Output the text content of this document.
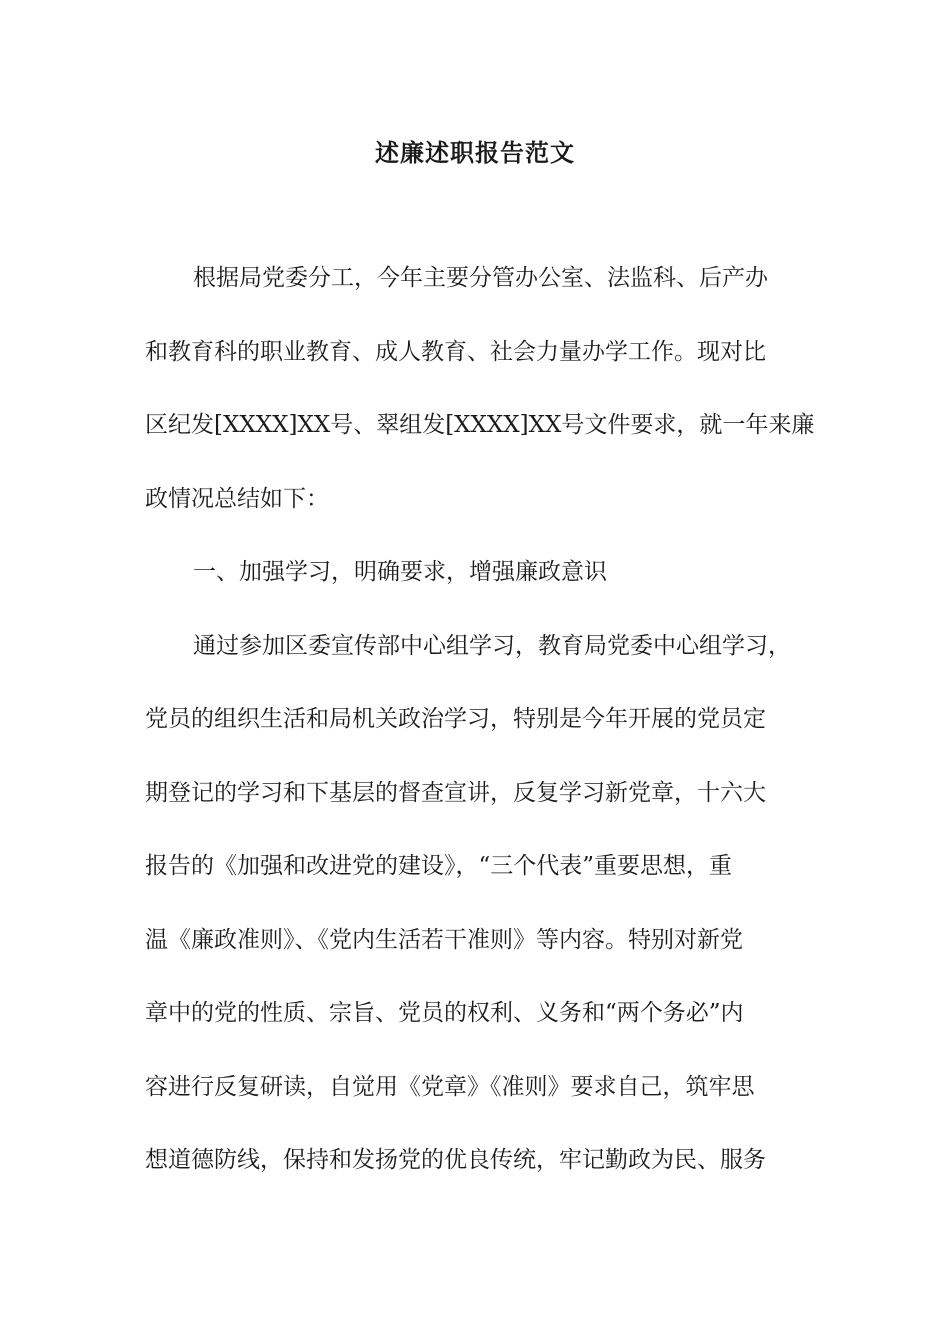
述廉述职报告范文
根据局党委分工，今年主要分管办公室、法监科、后产办
和教育科的职业教育、成人教育、社会力量办学工作。现对比
区纪发[XXXX]XX号、翠组发[XXXX]XX号文件要求，就一年来廉
政情况总结如下：
一、加强学习，明确要求，增强廉政意识
通过参加区委宣传部中心组学习，教育局党委中心组学习，
党员的组织生活和局机关政治学习，特别是今年开展的党员定
期登记的学习和下基层的督查宣讲，反复学习新党章，十六大
报告的《加强和改进党的建设》，“三个代表”重要思想，重
温《廉政准则》、《党内生活若干准则》等内容。特别对新党
章中的党的性质、宗旨、党员的权利、义务和“两个务必”内
容进行反复研读，自觉用《党章》《准则》要求自己，筑牢思
想道德防线，保持和发扬党的优良传统，牢记勤政为民、服务
